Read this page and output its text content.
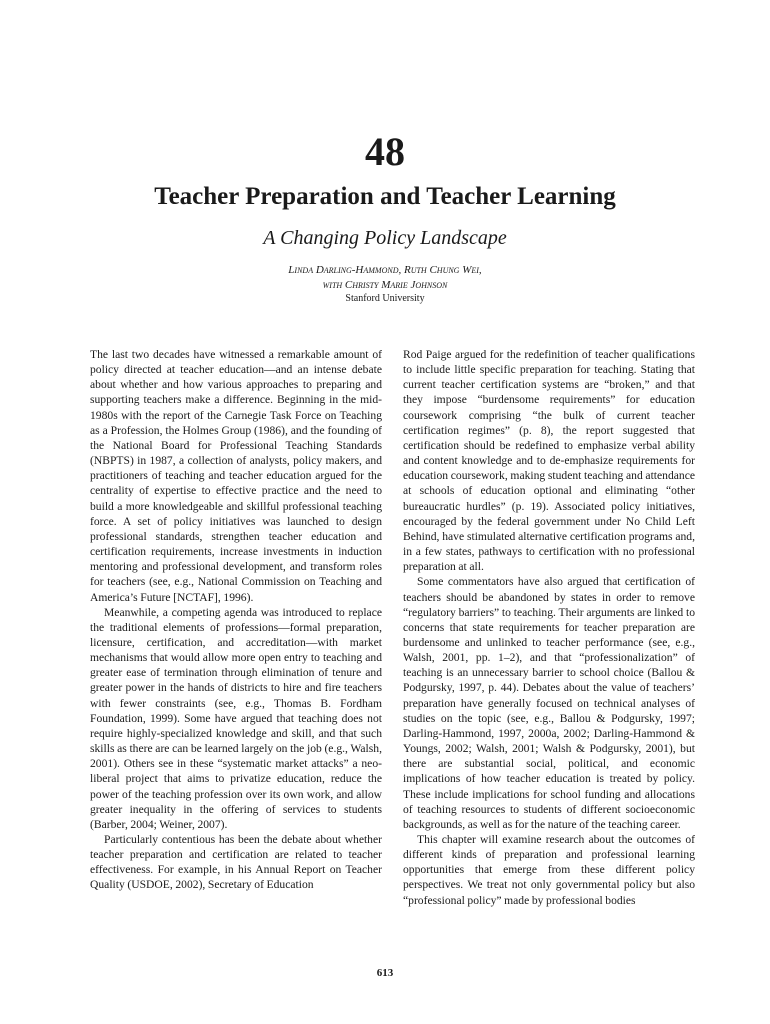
48
Teacher Preparation and Teacher Learning
A Changing Policy Landscape
Linda Darling-Hammond, Ruth Chung Wei,
with Christy Marie Johnson
Stanford University

The last two decades have witnessed a remarkable amount of policy directed at teacher education—and an intense debate about whether and how various approaches to preparing and supporting teachers make a difference. Beginning in the mid-1980s with the report of the Carnegie Task Force on Teaching as a Profession, the Holmes Group (1986), and the founding of the National Board for Professional Teaching Standards (NBPTS) in 1987, a collection of analysts, policy makers, and practitioners of teaching and teacher education argued for the centrality of expertise to effective practice and the need to build a more knowledgeable and skillful professional teaching force. A set of policy initiatives was launched to design professional standards, strengthen teacher education and certification requirements, increase investments in induction mentoring and professional development, and transform roles for teachers (see, e.g., National Commission on Teaching and America’s Future [NCTAF], 1996).

Meanwhile, a competing agenda was introduced to replace the traditional elements of professions—formal preparation, licensure, certification, and accreditation—with market mechanisms that would allow more open entry to teaching and greater ease of termination through elimination of tenure and greater power in the hands of districts to hire and fire teachers with fewer constraints (see, e.g., Thomas B. Fordham Foundation, 1999). Some have argued that teaching does not require highly-specialized knowledge and skill, and that such skills as there are can be learned largely on the job (e.g., Walsh, 2001). Others see in these “systematic market attacks” a neo-liberal project that aims to privatize education, reduce the power of the teaching profession over its own work, and allow greater inequality in the offering of services to students (Barber, 2004; Weiner, 2007).

Particularly contentious has been the debate about whether teacher preparation and certification are related to teacher effectiveness. For example, in his Annual Report on Teacher Quality (USDOE, 2002), Secretary of Education

Rod Paige argued for the redefinition of teacher qualifications to include little specific preparation for teaching. Stating that current teacher certification systems are “broken,” and that they impose “burdensome requirements” for education coursework comprising “the bulk of current teacher certification regimes” (p. 8), the report suggested that certification should be redefined to emphasize verbal ability and content knowledge and to de-emphasize requirements for education coursework, making student teaching and attendance at schools of education optional and eliminating “other bureaucratic hurdles” (p. 19). Associated policy initiatives, encouraged by the federal government under No Child Left Behind, have stimulated alternative certification programs and, in a few states, pathways to certification with no professional preparation at all.

Some commentators have also argued that certification of teachers should be abandoned by states in order to remove “regulatory barriers” to teaching. Their arguments are linked to concerns that state requirements for teacher preparation are burdensome and unlinked to teacher performance (see, e.g., Walsh, 2001, pp. 1–2), and that “professionalization” of teaching is an unnecessary barrier to school choice (Ballou & Podgursky, 1997, p. 44). Debates about the value of teachers’ preparation have generally focused on technical analyses of studies on the topic (see, e.g., Ballou & Podgursky, 1997; Darling-Hammond, 1997, 2000a, 2002; Darling-Hammond & Youngs, 2002; Walsh, 2001; Walsh & Podgursky, 2001), but there are substantial social, political, and economic implications of how teacher education is treated by policy. These include implications for school funding and allocations of teaching resources to students of different socioeconomic backgrounds, as well as for the nature of the teaching career.

This chapter will examine research about the outcomes of different kinds of preparation and professional learning opportunities that emerge from these different policy perspectives. We treat not only governmental policy but also “professional policy” made by professional bodies

613
